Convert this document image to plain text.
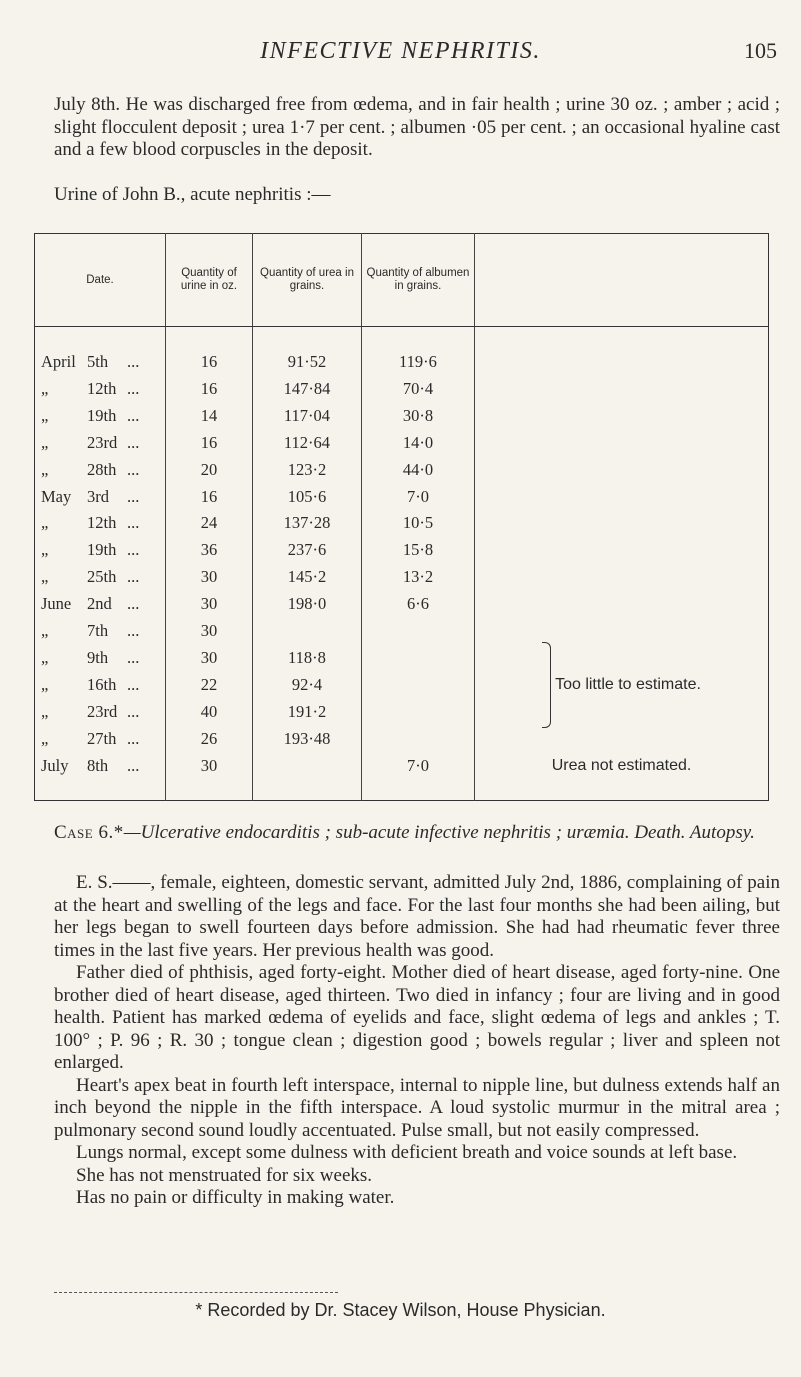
INFECTIVE NEPHRITIS.	105

July 8th. He was discharged free from œdema, and in fair health ; urine 30 oz. ; amber ; acid ; slight flocculent deposit ; urea 1·7 per cent. ; albumen ·05 per cent. ; an occasional hyaline cast and a few blood corpuscles in the deposit.

Urine of John B., acute nephritis :—

Date.	Quantity of urine in oz.	Quantity of urea in grains.	Quantity of albumen in grains.	

April 5th ...	16	91·52	119·6	
„ 12th ...	16	147·84	70·4	
„ 19th ...	14	117·04	30·8	
„ 23rd ...	16	112·64	14·0	
„ 28th ...	20	123·2	44·0	
May 3rd ...	16	105·6	7·0	
„ 12th ...	24	137·28	10·5	
„ 19th ...	36	237·6	15·8	
„ 25th ...	30	145·2	13·2	
June 2nd ...	30	198·0	6·6	
„ 7th ...	30			Too little to estimate.
„ 9th ...	30	118·8		
„ 16th ...	22	92·4		
„ 23rd ...	40	191·2		
„ 27th ...	26	193·48		
July 8th ...	30		7·0	Urea not estimated.

Case 6.*—Ulcerative endocarditis ; sub-acute infective nephritis ; uræmia. Death. Autopsy.

E. S.——, female, eighteen, domestic servant, admitted July 2nd, 1886, complaining of pain at the heart and swelling of the legs and face. For the last four months she had been ailing, but her legs began to swell fourteen days before admission. She had had rheumatic fever three times in the last five years. Her previous health was good.

Father died of phthisis, aged forty-eight. Mother died of heart disease, aged forty-nine. One brother died of heart disease, aged thirteen. Two died in infancy ; four are living and in good health. Patient has marked œdema of eyelids and face, slight œdema of legs and ankles ; T. 100° ; P. 96 ; R. 30 ; tongue clean ; digestion good ; bowels regular ; liver and spleen not enlarged.

Heart's apex beat in fourth left interspace, internal to nipple line, but dulness extends half an inch beyond the nipple in the fifth interspace. A loud systolic murmur in the mitral area ; pulmonary second sound loudly accentuated. Pulse small, but not easily compressed.

Lungs normal, except some dulness with deficient breath and voice sounds at left base.

She has not menstruated for six weeks.

Has no pain or difficulty in making water.

* Recorded by Dr. Stacey Wilson, House Physician.
